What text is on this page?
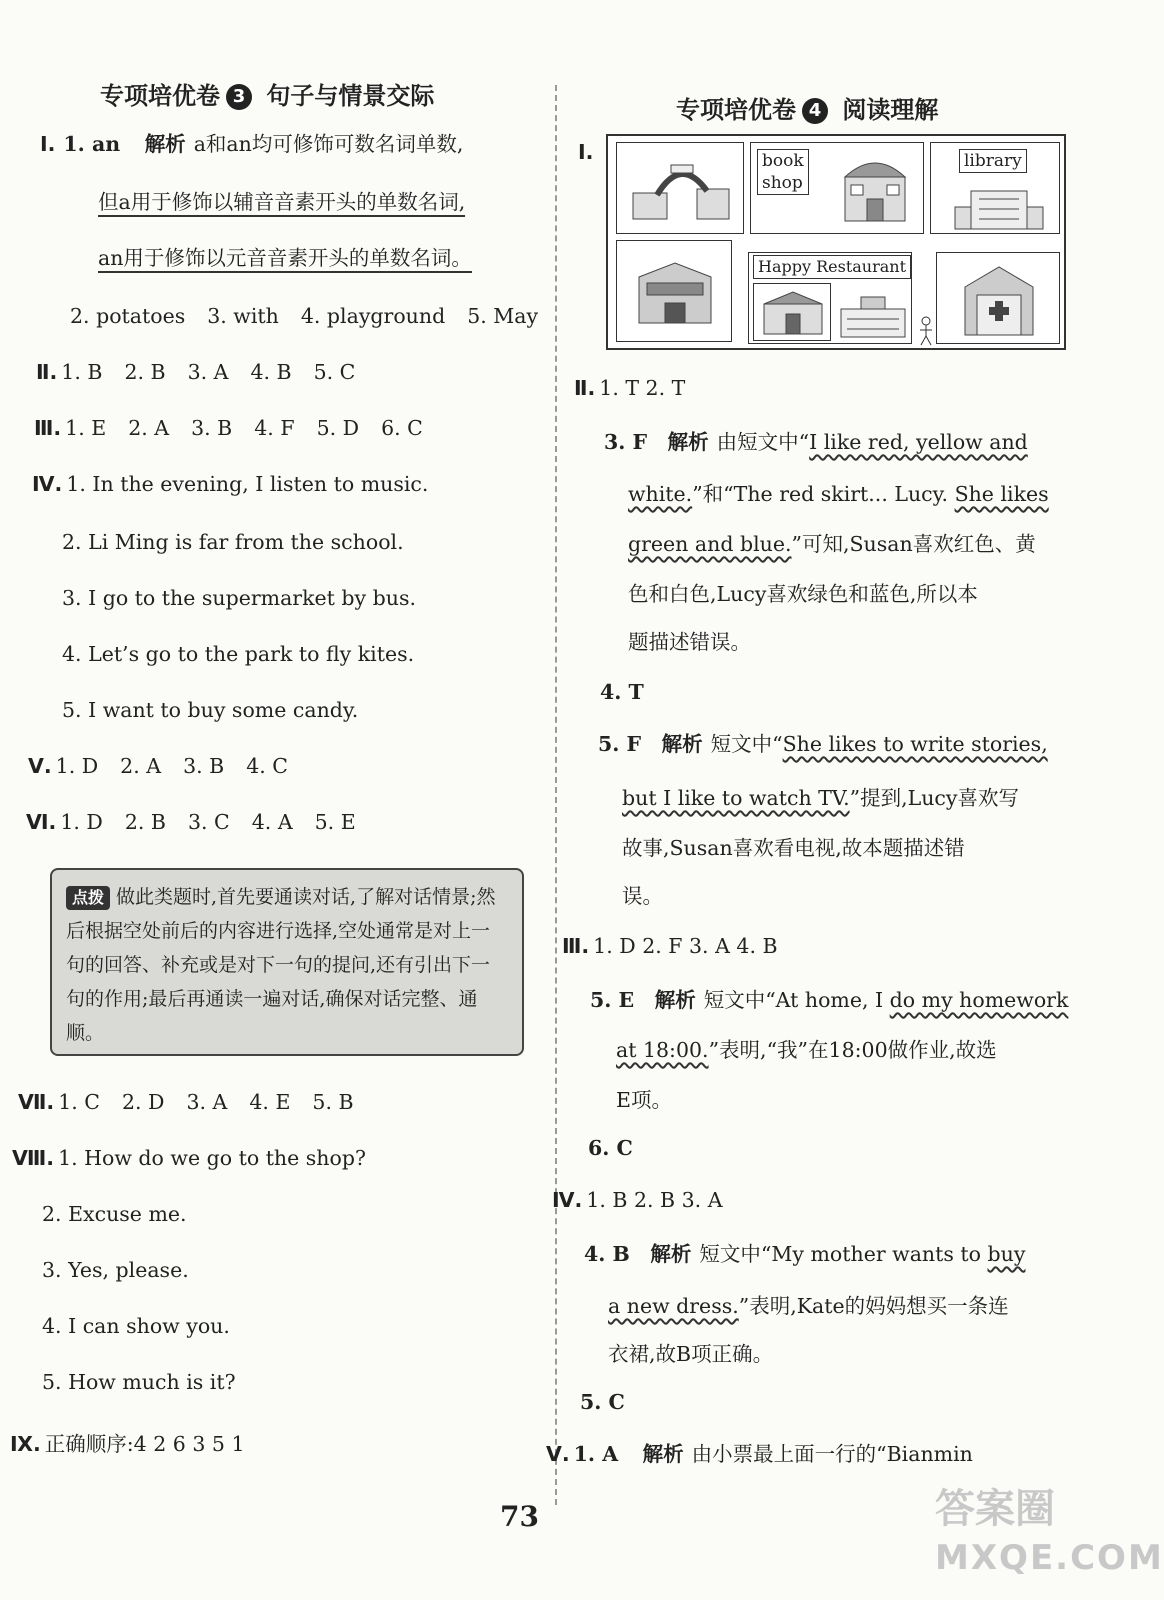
专项培优卷 3 句子与情景交际
Ⅰ. 1. an 解析 a和an均可修饰可数名词单数,
但a用于修饰以辅音音素开头的单数名词,
an用于修饰以元音音素开头的单数名词。
2. potatoes 3. with 4. playground 5. May
Ⅱ. 1. B 2. B 3. A 4. B 5. C
Ⅲ. 1. E 2. A 3. B 4. F 5. D 6. C
Ⅳ. 1. In the evening, I listen to music.
2. Li Ming is far from the school.
3. I go to the supermarket by bus.
4. Let’s go to the park to fly kites.
5. I want to buy some candy.
Ⅴ. 1. D 2. A 3. B 4. C
Ⅵ. 1. D 2. B 3. C 4. A 5. E
点拨 做此类题时,首先要通读对话,了解对话情景;然后根据空处前后的内容进行选择,空处通常是对上一句的回答、补充或是对下一句的提问,还有引出下一句的作用;最后再通读一遍对话,确保对话完整、通顺。
Ⅶ. 1. C 2. D 3. A 4. E 5. B
Ⅷ. 1. How do we go to the shop?
2. Excuse me.
3. Yes, please.
4. I can show you.
5. How much is it?
Ⅸ. 正确顺序:4 2 6 3 5 1
专项培优卷 4 阅读理解
Ⅰ.	book
shop
library
Happy Restaurant
Ⅱ. 1. T 2. T
3. F 解析 由短文中“I like red, yellow and
white.”和“The red skirt... Lucy. She likes
green and blue.”可知,Susan喜欢红色、黄
色和白色,Lucy喜欢绿色和蓝色,所以本
题描述错误。
4. T
5. F 解析 短文中“She likes to write stories,
but I like to watch TV.”提到,Lucy喜欢写
故事,Susan喜欢看电视,故本题描述错
误。
Ⅲ. 1. D 2. F 3. A 4. B
5. E 解析 短文中“At home, I do my homework
at 18:00.”表明,“我”在18:00做作业,故选
E项。
6. C
Ⅳ. 1. B 2. B 3. A
4. B 解析 短文中“My mother wants to buy
a new dress.”表明,Kate的妈妈想买一条连
衣裙,故B项正确。
5. C
Ⅴ. 1. A 解析 由小票最上面一行的“Bianmin
73	答案圈
MXQE.COM
